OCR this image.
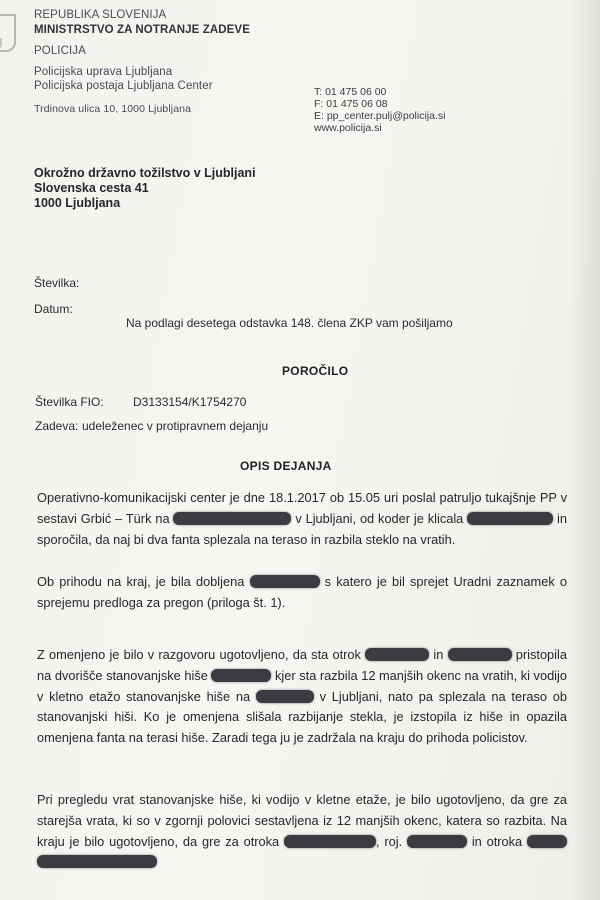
REPUBLIKA SLOVENIJA
MINISTRSTVO ZA NOTRANJE ZADEVE
POLICIJA
Policijska uprava Ljubljana
Policijska postaja Ljubljana Center
Trdinova ulica 10, 1000 Ljubljana
T: 01 475 06 00
F: 01 475 06 08
E: pp_center.pulj@policija.si
www.policija.si
Okrožno državno tožilstvo v Ljubljani
Slovenska cesta 41
1000 Ljubljana
Številka:
Datum:
Na podlagi desetega odstavka 148. člena ZKP vam pošiljamo
POROČILO
Številka FIO: D3133154/K1754270
Zadeva: udeleženec v protipravnem dejanju
OPIS DEJANJA

Operativno-komunikacijski center je dne 18.1.2017 ob 15.05 uri poslal patruljo tukajšnje PP v sestavi Grbić – Türk na	v Ljubljani, od koder je klicala	in sporočila, da naj bi dva fanta splezala na teraso in razbila steklo na vratih.

Ob prihodu na kraj, je bila dobljena	s katero je bil sprejet Uradni zaznamek o sprejemu predloga za pregon (priloga št. 1).

Z omenjeno je bilo v razgovoru ugotovljeno, da sta otrok	in	pristopila na dvorišče stanovanjske hiše	kjer sta razbila 12 manjših okenc na vratih, ki vodijo v kletno etažo stanovanjske hiše na	v Ljubljani, nato pa splezala na teraso ob stanovanjski hiši. Ko je omenjena slišala razbijanje stekla, je izstopila iz hiše in opazila omenjena fanta na terasi hiše. Zaradi tega ju je zadržala na kraju do prihoda policistov.

Pri pregledu vrat stanovanjske hiše, ki vodijo v kletne etaže, je bilo ugotovljeno, da gre za starejša vrata, ki so v zgornji polovici sestavljena iz 12 manjših okenc, katera so razbita. Na kraju je bilo ugotovljeno, da gre za otroka	, roj.	in otroka
